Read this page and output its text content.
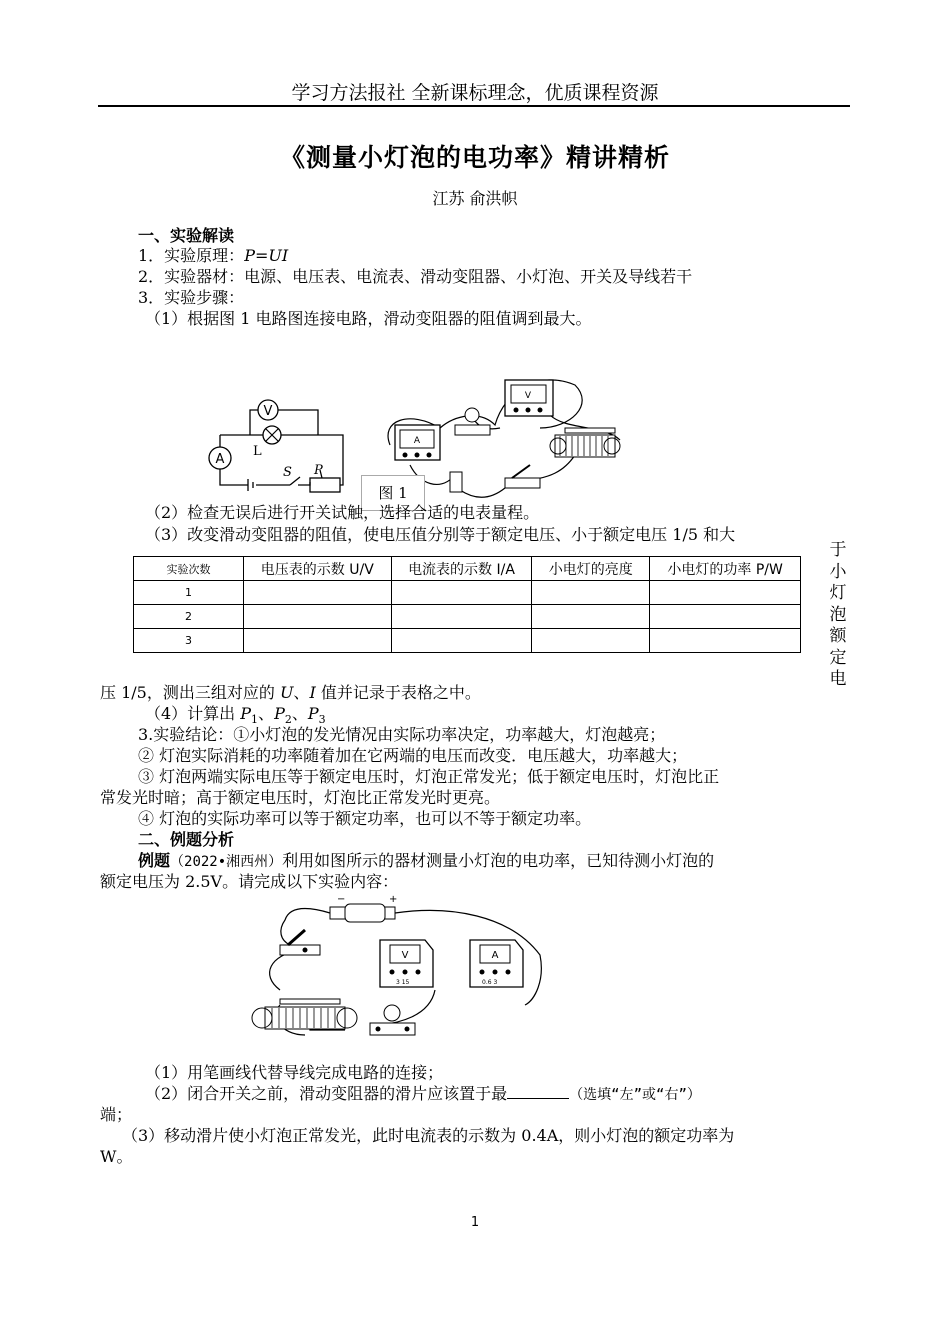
学习方法报社 全新课标理念，优质课程资源
《测量小灯泡的电功率》精讲精析
江苏 俞洪帜
一、实验解读
1．实验原理：P=UI
2．实验器材：电源、电压表、电流表、滑动变阻器、小灯泡、开关及导线若干
3．实验步骤：
（1）根据图 1 电路图连接电路，滑动变阻器的阻值调到最大。
V
L
A
S P
A
V
图 1
（2）检查无误后进行开关试触，选择合适的电表量程。
（3）改变滑动变阻器的阻值，使电压值分别等于额定电压、小于额定电压 1/5 和大
实验次数	电压表的示数 U/V	电流表的示数 I/A	小电灯的亮度	小电灯的功率 P/W
1				
2				
3				
于
小
灯
泡
额
定
电
压 1/5，测出三组对应的 U、I 值并记录于表格之中。
（4）计算出 $P_1$、$P_2$、$P_3$
3.实验结论：①小灯泡的发光情况由实际功率决定，功率越大，灯泡越亮；
② 灯泡实际消耗的功率随着加在它两端的电压而改变．电压越大，功率越大；
③ 灯泡两端实际电压等于额定电压时，灯泡正常发光；低于额定电压时，灯泡比正
常发光时暗；高于额定电压时，灯泡比正常发光时更亮。
④ 灯泡的实际功率可以等于额定功率，也可以不等于额定功率。
二、例题分析
例题（2022•湘西州）利用如图所示的器材测量小灯泡的电功率，已知待测小灯泡的
额定电压为 2.5V。请完成以下实验内容：
−	+
V
3 15
A
0.6 3
（1）用笔画线代替导线完成电路的连接；
（2）闭合开关之前，滑动变阻器的滑片应该置于最	（选填“左”或“右”）
端；
（3）移动滑片使小灯泡正常发光，此时电流表的示数为 0.4A，则小灯泡的额定功率为
W。
1
